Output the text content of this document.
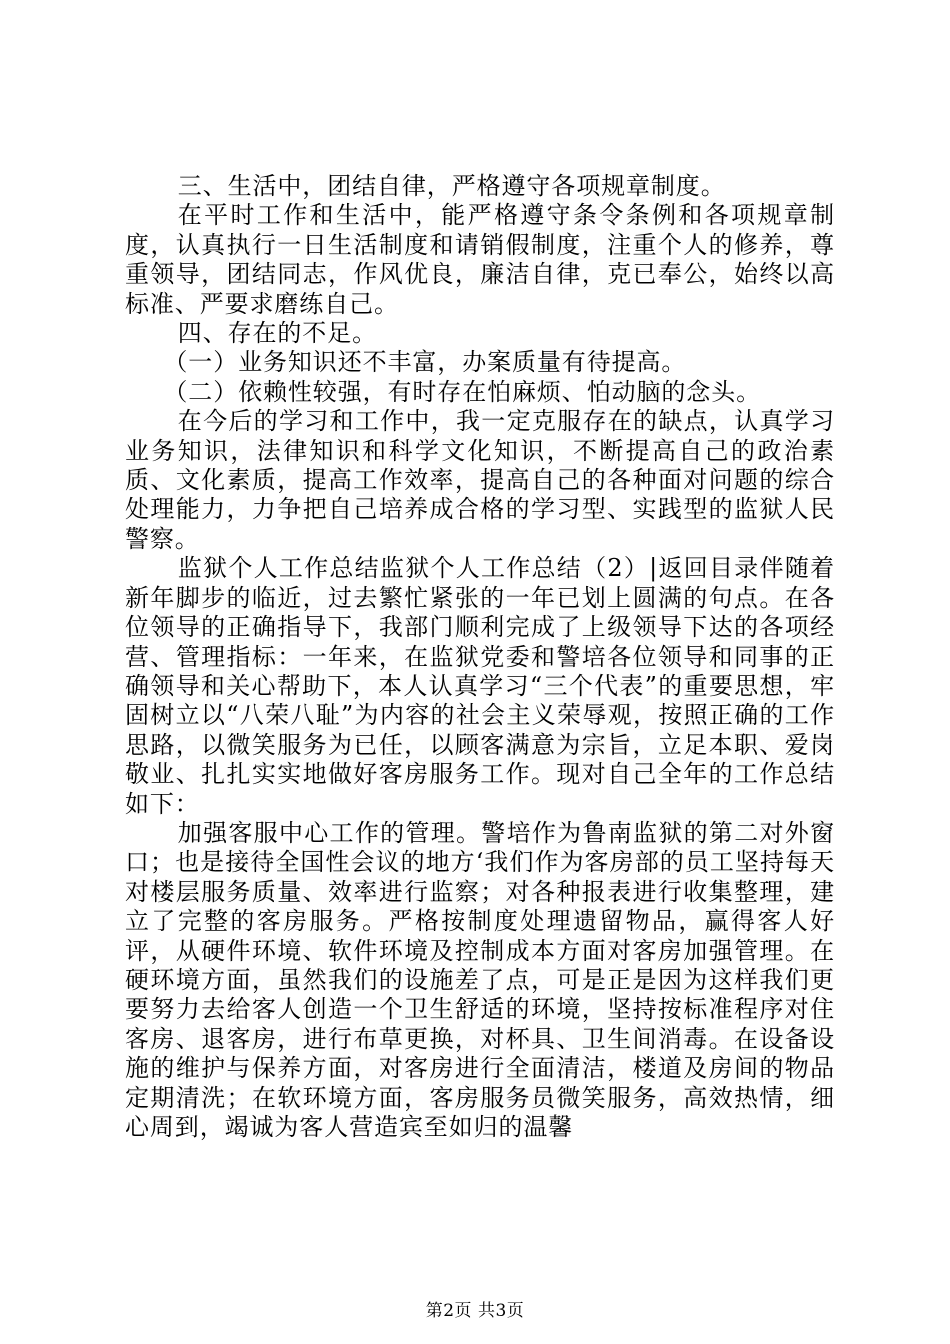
三、生活中，团结自律，严格遵守各项规章制度。

在平时工作和生活中，能严格遵守条令条例和各项规章制度，认真执行一日生活制度和请销假制度，注重个人的修养，尊重领导，团结同志，作风优良，廉洁自律，克已奉公，始终以高标准、严要求磨练自己。

四、存在的不足。

（一）业务知识还不丰富，办案质量有待提高。

（二）依赖性较强，有时存在怕麻烦、怕动脑的念头。

在今后的学习和工作中，我一定克服存在的缺点，认真学习业务知识，法律知识和科学文化知识，不断提高自己的政治素质、文化素质，提高工作效率，提高自己的各种面对问题的综合处理能力，力争把自己培养成合格的学习型、实践型的监狱人民警察。

监狱个人工作总结监狱个人工作总结（2）|返回目录伴随着新年脚步的临近，过去繁忙紧张的一年已划上圆满的句点。在各位领导的正确指导下，我部门顺利完成了上级领导下达的各项经营、管理指标：一年来，在监狱党委和警培各位领导和同事的正确领导和关心帮助下，本人认真学习“三个代表”的重要思想，牢固树立以“八荣八耻”为内容的社会主义荣辱观，按照正确的工作思路，以微笑服务为已任，以顾客满意为宗旨，立足本职、爱岗敬业、扎扎实实地做好客房服务工作。现对自己全年的工作总结如下：

加强客服中心工作的管理。警培作为鲁南监狱的第二对外窗口；也是接待全国性会议的地方‘我们作为客房部的员工坚持每天对楼层服务质量、效率进行监察；对各种报表进行收集整理，建立了完整的客房服务。严格按制度处理遗留物品，赢得客人好评，从硬件环境、软件环境及控制成本方面对客房加强管理。在硬环境方面，虽然我们的设施差了点，可是正是因为这样我们更要努力去给客人创造一个卫生舒适的环境，坚持按标准程序对住客房、退客房，进行布草更换，对杯具、卫生间消毒。在设备设施的维护与保养方面，对客房进行全面清洁，楼道及房间的物品定期清洗；在软环境方面，客房服务员微笑服务，高效热情，细心周到，竭诚为客人营造宾至如归的温馨

第2页 共3页
